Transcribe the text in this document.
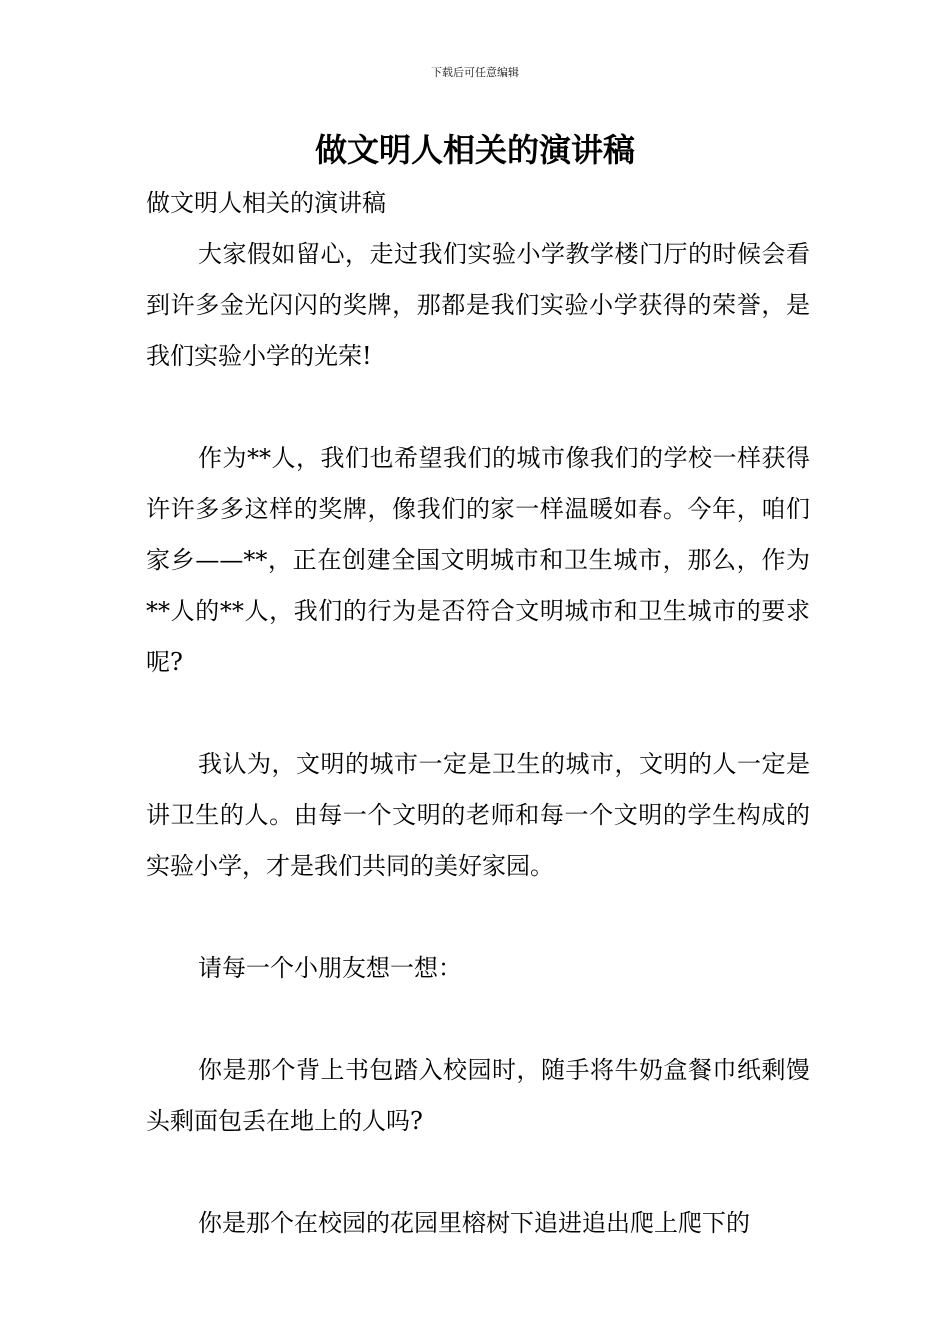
下载后可任意编辑
做文明人相关的演讲稿

做文明人相关的演讲稿

大家假如留心，走过我们实验小学教学楼门厅的时候会看到许多金光闪闪的奖牌，那都是我们实验小学获得的荣誉，是我们实验小学的光荣!

作为**人，我们也希望我们的城市像我们的学校一样获得许许多多这样的奖牌，像我们的家一样温暖如春。今年，咱们家乡——**，正在创建全国文明城市和卫生城市，那么，作为**人的**人，我们的行为是否符合文明城市和卫生城市的要求呢?

我认为，文明的城市一定是卫生的城市，文明的人一定是讲卫生的人。由每一个文明的老师和每一个文明的学生构成的实验小学，才是我们共同的美好家园。

请每一个小朋友想一想：

你是那个背上书包踏入校园时，随手将牛奶盒餐巾纸剩馒头剩面包丢在地上的人吗?

你是那个在校园的花园里榕树下追进追出爬上爬下的
